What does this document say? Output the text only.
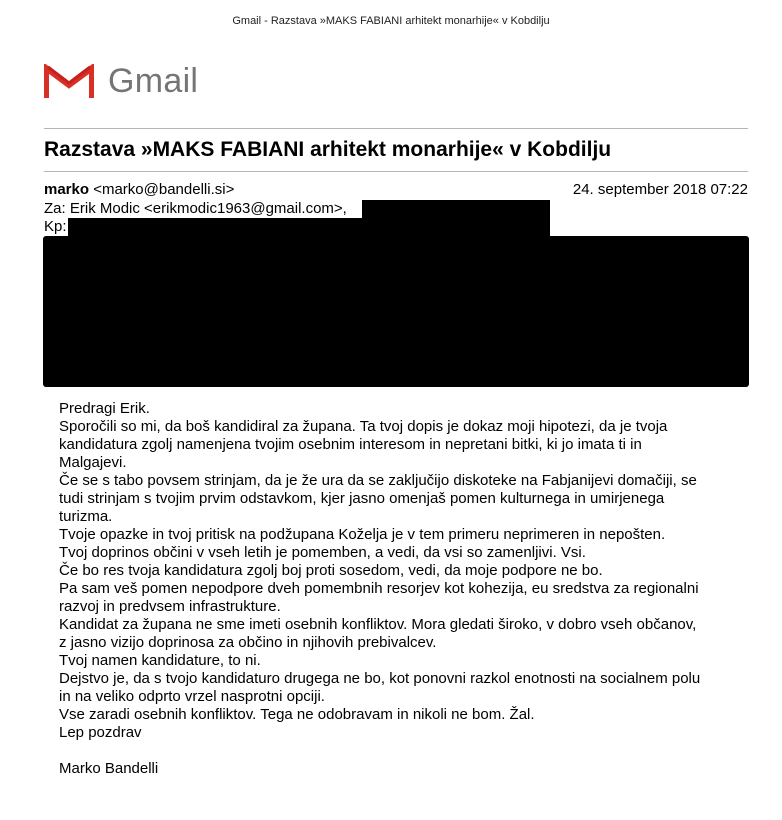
Gmail - Razstava »MAKS FABIANI arhitekt monarhije« v Kobdilju
Gmail
Razstava »MAKS FABIANI arhitekt monarhije« v Kobdilju
marko <marko@bandelli.si>	24. september 2018 07:22
Za: Erik Modic <erikmodic1963@gmail.com>,
Kp:

Predragi Erik.

Sporočili so mi, da boš kandidiral za župana. Ta tvoj dopis je dokaz moji hipotezi, da je tvoja

kandidatura zgolj namenjena tvojim osebnim interesom in nepretani bitki, ki jo imata ti in

Malgajevi.

Če se s tabo povsem strinjam, da je že ura da se zaključijo diskoteke na Fabjanijevi domačiji, se

tudi strinjam s tvojim prvim odstavkom, kjer jasno omenjaš pomen kulturnega in umirjenega

turizma.

Tvoje opazke in tvoj pritisk na podžupana Koželja je v tem primeru neprimeren in nepošten.

Tvoj doprinos občini v vseh letih je pomemben, a vedi, da vsi so zamenljivi. Vsi.

Če bo res tvoja kandidatura zgolj boj proti sosedom, vedi, da moje podpore ne bo.

Pa sam veš pomen nepodpore dveh pomembnih resorjev kot kohezija, eu sredstva za regionalni

razvoj in predvsem infrastrukture.

Kandidat za župana ne sme imeti osebnih konfliktov. Mora gledati široko, v dobro vseh občanov,

z jasno vizijo doprinosa za občino in njihovih prebivalcev.

Tvoj namen kandidature, to ni.

Dejstvo je, da s tvojo kandidaturo drugega ne bo, kot ponovni razkol enotnosti na socialnem polu

in na veliko odprto vrzel nasprotni opciji.

Vse zaradi osebnih konfliktov. Tega ne odobravam in nikoli ne bom. Žal.

Lep pozdrav

Marko Bandelli
